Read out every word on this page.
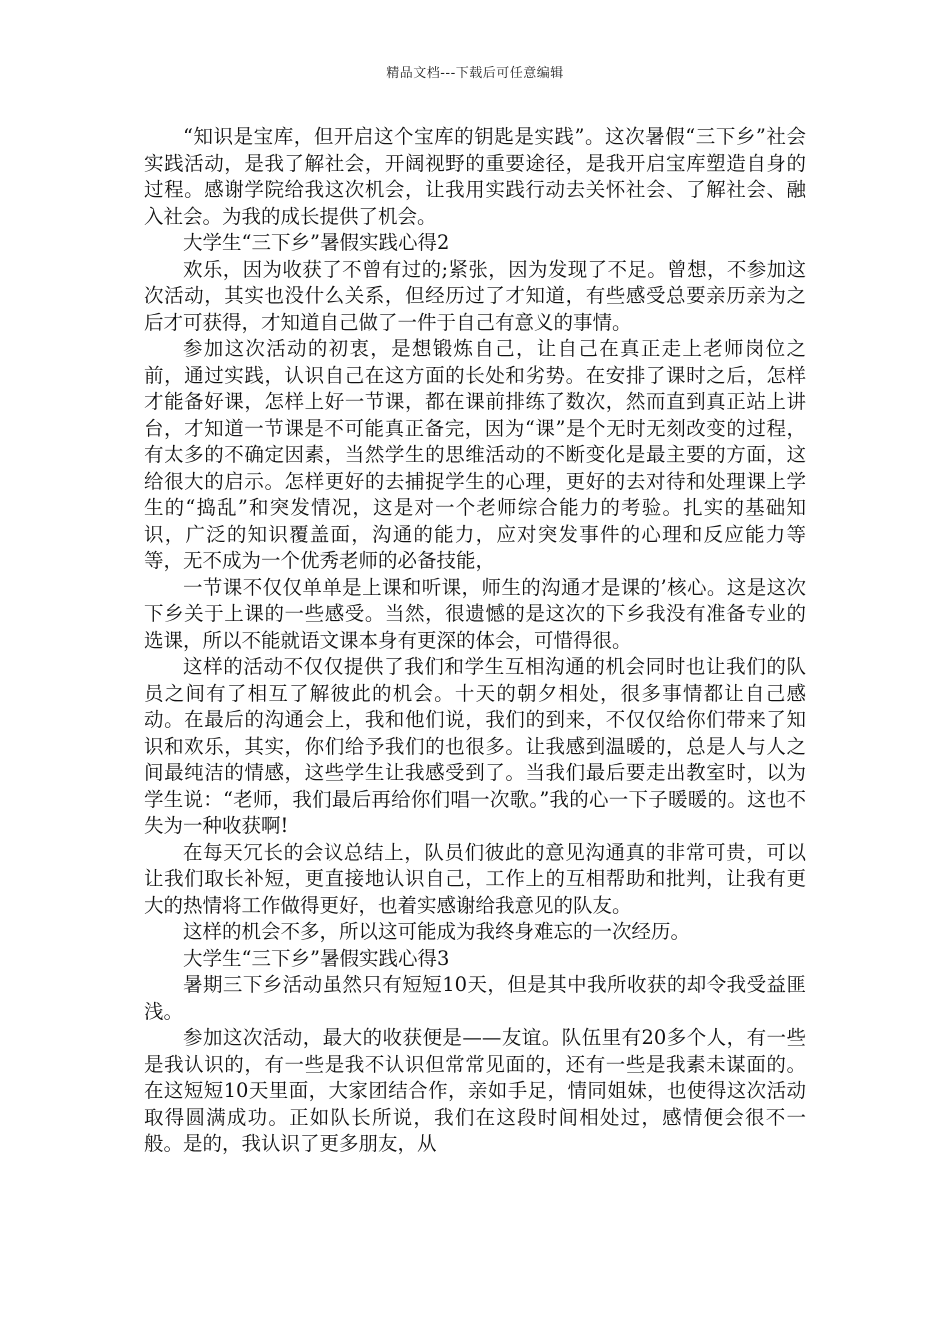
精品文档---下载后可任意编辑

“知识是宝库，但开启这个宝库的钥匙是实践”。这次暑假“三下乡”社会实践活动，是我了解社会，开阔视野的重要途径，是我开启宝库塑造自身的过程。感谢学院给我这次机会，让我用实践行动去关怀社会、了解社会、融入社会。为我的成长提供了机会。

大学生“三下乡”暑假实践心得2

欢乐，因为收获了不曾有过的;紧张，因为发现了不足。曾想，不参加这次活动，其实也没什么关系，但经历过了才知道，有些感受总要亲历亲为之后才可获得，才知道自己做了一件于自己有意义的事情。

参加这次活动的初衷，是想锻炼自己，让自己在真正走上老师岗位之前，通过实践，认识自己在这方面的长处和劣势。在安排了课时之后，怎样才能备好课，怎样上好一节课，都在课前排练了数次，然而直到真正站上讲台，才知道一节课是不可能真正备完，因为“课”是个无时无刻改变的过程，有太多的不确定因素，当然学生的思维活动的不断变化是最主要的方面，这给很大的启示。怎样更好的去捕捉学生的心理，更好的去对待和处理课上学生的“捣乱”和突发情况，这是对一个老师综合能力的考验。扎实的基础知识，广泛的知识覆盖面，沟通的能力，应对突发事件的心理和反应能力等等，无不成为一个优秀老师的必备技能，

一节课不仅仅单单是上课和听课，师生的沟通才是课的’核心。这是这次下乡关于上课的一些感受。当然，很遗憾的是这次的下乡我没有准备专业的选课，所以不能就语文课本身有更深的体会，可惜得很。

这样的活动不仅仅提供了我们和学生互相沟通的机会同时也让我们的队员之间有了相互了解彼此的机会。十天的朝夕相处，很多事情都让自己感动。在最后的沟通会上，我和他们说，我们的到来，不仅仅给你们带来了知识和欢乐，其实，你们给予我们的也很多。让我感到温暖的，总是人与人之间最纯洁的情感，这些学生让我感受到了。当我们最后要走出教室时，以为学生说：“老师，我们最后再给你们唱一次歌。”我的心一下子暖暖的。这也不失为一种收获啊!

在每天冗长的会议总结上，队员们彼此的意见沟通真的非常可贵，可以让我们取长补短，更直接地认识自己，工作上的互相帮助和批判，让我有更大的热情将工作做得更好，也着实感谢给我意见的队友。

这样的机会不多，所以这可能成为我终身难忘的一次经历。

大学生“三下乡”暑假实践心得3

暑期三下乡活动虽然只有短短10天，但是其中我所收获的却令我受益匪浅。

参加这次活动，最大的收获便是——友谊。队伍里有20多个人，有一些是我认识的，有一些是我不认识但常常见面的，还有一些是我素未谋面的。在这短短10天里面，大家团结合作，亲如手足，情同姐妹，也使得这次活动取得圆满成功。正如队长所说，我们在这段时间相处过，感情便会很不一般。是的，我认识了更多朋友，从
